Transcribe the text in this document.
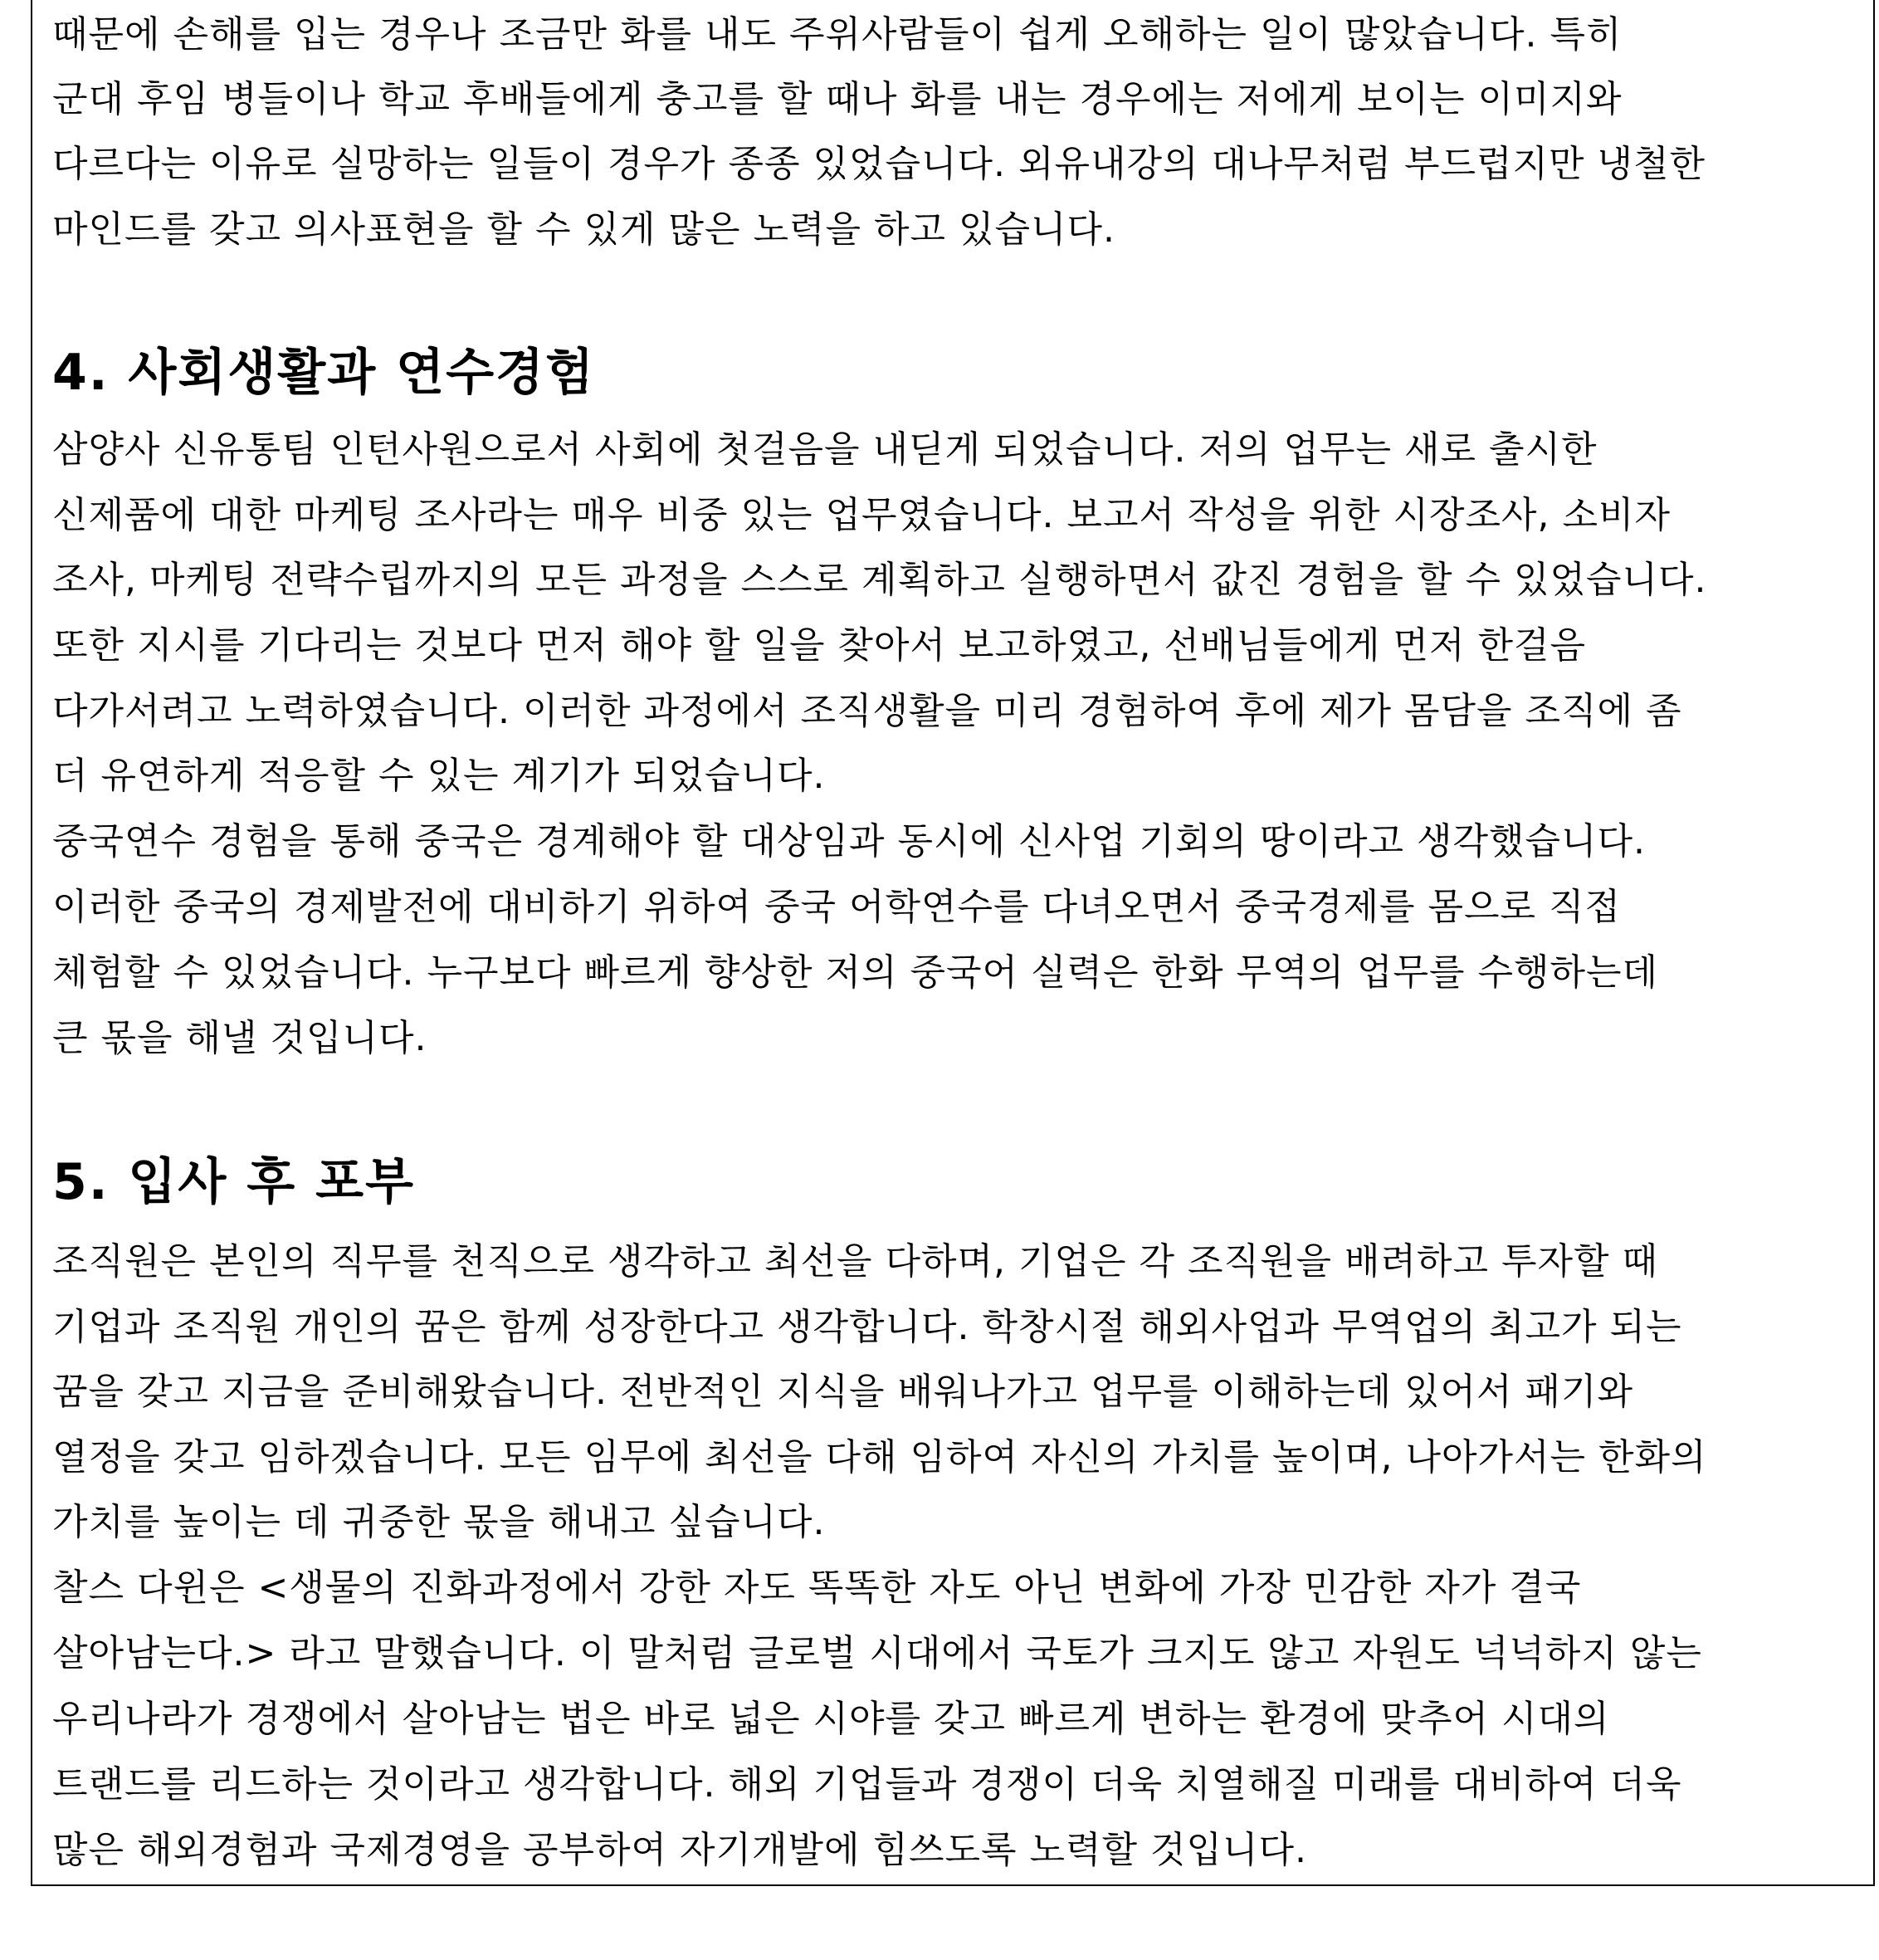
때문에 손해를 입는 경우나 조금만 화를 내도 주위사람들이 쉽게 오해하는 일이 많았습니다. 특히
군대 후임 병들이나 학교 후배들에게 충고를 할 때나 화를 내는 경우에는 저에게 보이는 이미지와
다르다는 이유로 실망하는 일들이 경우가 종종 있었습니다. 외유내강의 대나무처럼 부드럽지만 냉철한
마인드를 갖고 의사표현을 할 수 있게 많은 노력을 하고 있습니다.
4. 사회생활과 연수경험
삼양사 신유통팀 인턴사원으로서 사회에 첫걸음을 내딛게 되었습니다. 저의 업무는 새로 출시한
신제품에 대한 마케팅 조사라는 매우 비중 있는 업무였습니다. 보고서 작성을 위한 시장조사, 소비자
조사, 마케팅 전략수립까지의 모든 과정을 스스로 계획하고 실행하면서 값진 경험을 할 수 있었습니다.
또한 지시를 기다리는 것보다 먼저 해야 할 일을 찾아서 보고하였고, 선배님들에게 먼저 한걸음
다가서려고 노력하였습니다. 이러한 과정에서 조직생활을 미리 경험하여 후에 제가 몸담을 조직에 좀
더 유연하게 적응할 수 있는 계기가 되었습니다.
중국연수 경험을 통해 중국은 경계해야 할 대상임과 동시에 신사업 기회의 땅이라고 생각했습니다.
이러한 중국의 경제발전에 대비하기 위하여 중국 어학연수를 다녀오면서 중국경제를 몸으로 직접
체험할 수 있었습니다. 누구보다 빠르게 향상한 저의 중국어 실력은 한화 무역의 업무를 수행하는데
큰 몫을 해낼 것입니다.
5. 입사 후 포부
조직원은 본인의 직무를 천직으로 생각하고 최선을 다하며, 기업은 각 조직원을 배려하고 투자할 때
기업과 조직원 개인의 꿈은 함께 성장한다고 생각합니다. 학창시절 해외사업과 무역업의 최고가 되는
꿈을 갖고 지금을 준비해왔습니다. 전반적인 지식을 배워나가고 업무를 이해하는데 있어서 패기와
열정을 갖고 임하겠습니다. 모든 임무에 최선을 다해 임하여 자신의 가치를 높이며, 나아가서는 한화의
가치를 높이는 데 귀중한 몫을 해내고 싶습니다.
찰스 다윈은 <생물의 진화과정에서 강한 자도 똑똑한 자도 아닌 변화에 가장 민감한 자가 결국
살아남는다.> 라고 말했습니다. 이 말처럼 글로벌 시대에서 국토가 크지도 않고 자원도 넉넉하지 않는
우리나라가 경쟁에서 살아남는 법은 바로 넓은 시야를 갖고 빠르게 변하는 환경에 맞추어 시대의
트랜드를 리드하는 것이라고 생각합니다. 해외 기업들과 경쟁이 더욱 치열해질 미래를 대비하여 더욱
많은 해외경험과 국제경영을 공부하여 자기개발에 힘쓰도록 노력할 것입니다.
